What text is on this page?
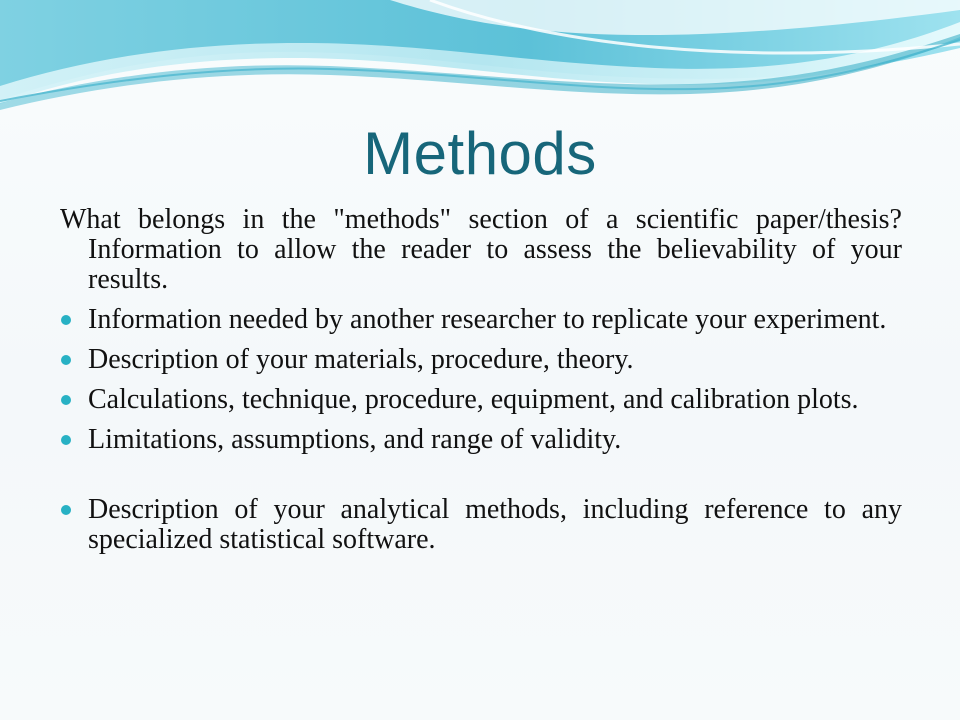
Methods

What belongs in the "methods" section of a scientific paper/thesis? Information to allow the reader to assess the believability of your results.

Information needed by another researcher to replicate your experiment.
Description of your materials, procedure, theory.
Calculations, technique, procedure, equipment, and calibration plots.
Limitations, assumptions, and range of validity.
Description of your analytical methods, including reference to any specialized statistical software.
